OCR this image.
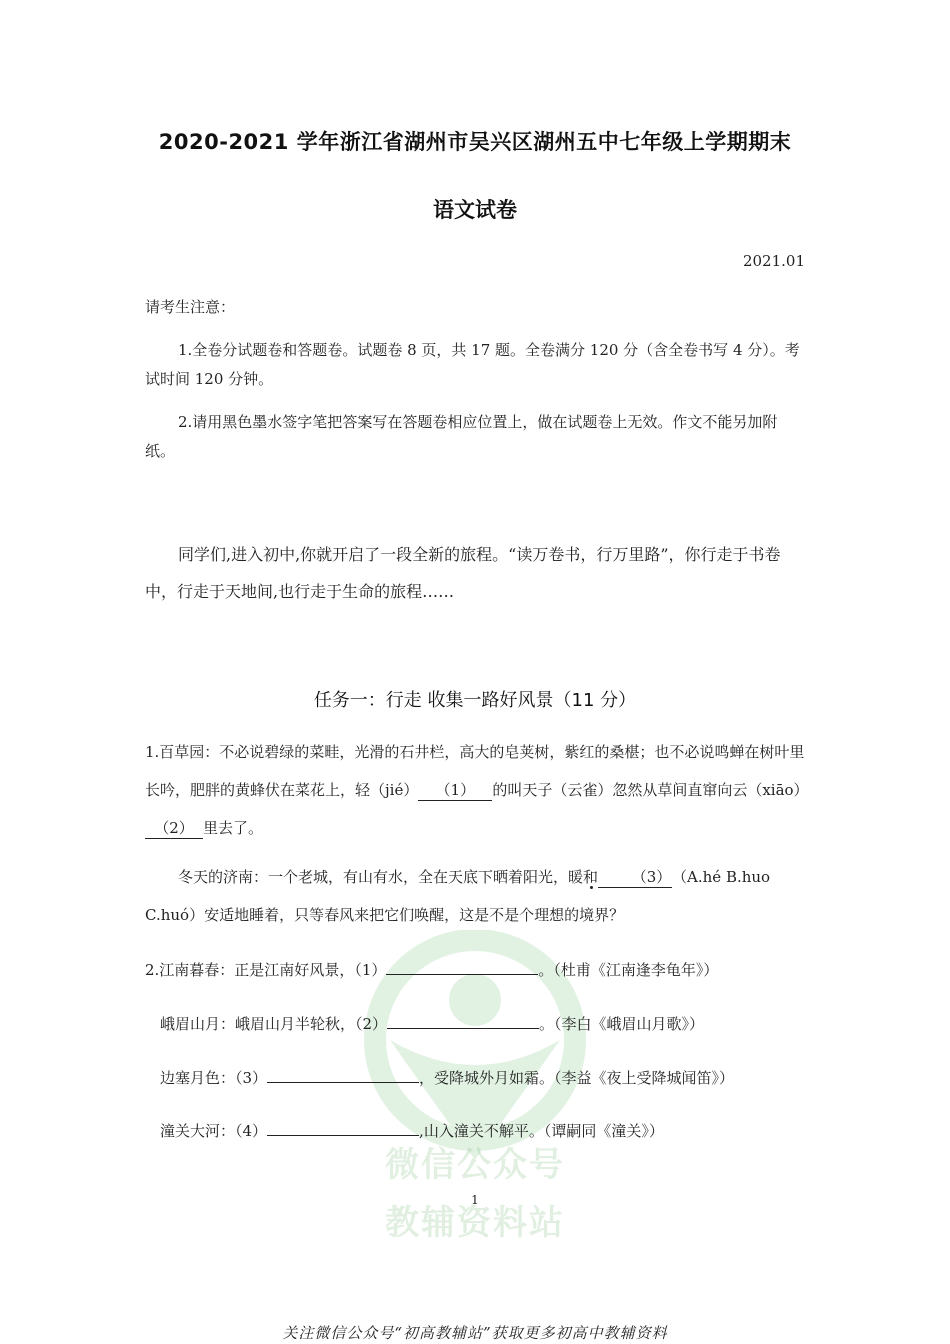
微信公众号
教辅资料站
2020-2021 学年浙江省湖州市吴兴区湖州五中七年级上学期期末
语文试卷
2021.01
请考生注意：
1.全卷分试题卷和答题卷。试题卷 8 页，共 17 题。全卷满分 120 分（含全卷书写 4 分）。考试时间 120 分钟。
2.请用黑色墨水签字笔把答案写在答题卷相应位置上，做在试题卷上无效。作文不能另加附纸。
同学们,进入初中,你就开启了一段全新的旅程。“读万卷书，行万里路”，你行走于书卷中，行走于天地间,也行走于生命的旅程……
任务一：行走 收集一路好风景（11 分）
1.百草园：不必说碧绿的菜畦，光滑的石井栏，高大的皂荚树，紫红的桑椹；也不必说鸣蝉在树叶里长吟，肥胖的黄蜂伏在菜花上，轻（jié） （1） 的叫天子（云雀）忽然从草间直窜向云（xiāo）（2） 里去了。
冬天的济南：一个老城，有山有水，全在天底下晒着阳光，暖和 （3）（A.hé B.huo C.huó）安适地睡着，只等春风来把它们唤醒，这是不是个理想的境界？
2.江南暮春：正是江南好风景，（1）	。（杜甫《江南逢李龟年》）
峨眉山月：峨眉山月半轮秋，（2）	。（李白《峨眉山月歌》）
边塞月色：（3）	，受降城外月如霜。（李益《夜上受降城闻笛》）
潼关大河：（4）	,山入潼关不解平。（谭嗣同《潼关》）
1
关注微信公众号“初高教辅站”获取更多初高中教辅资料
